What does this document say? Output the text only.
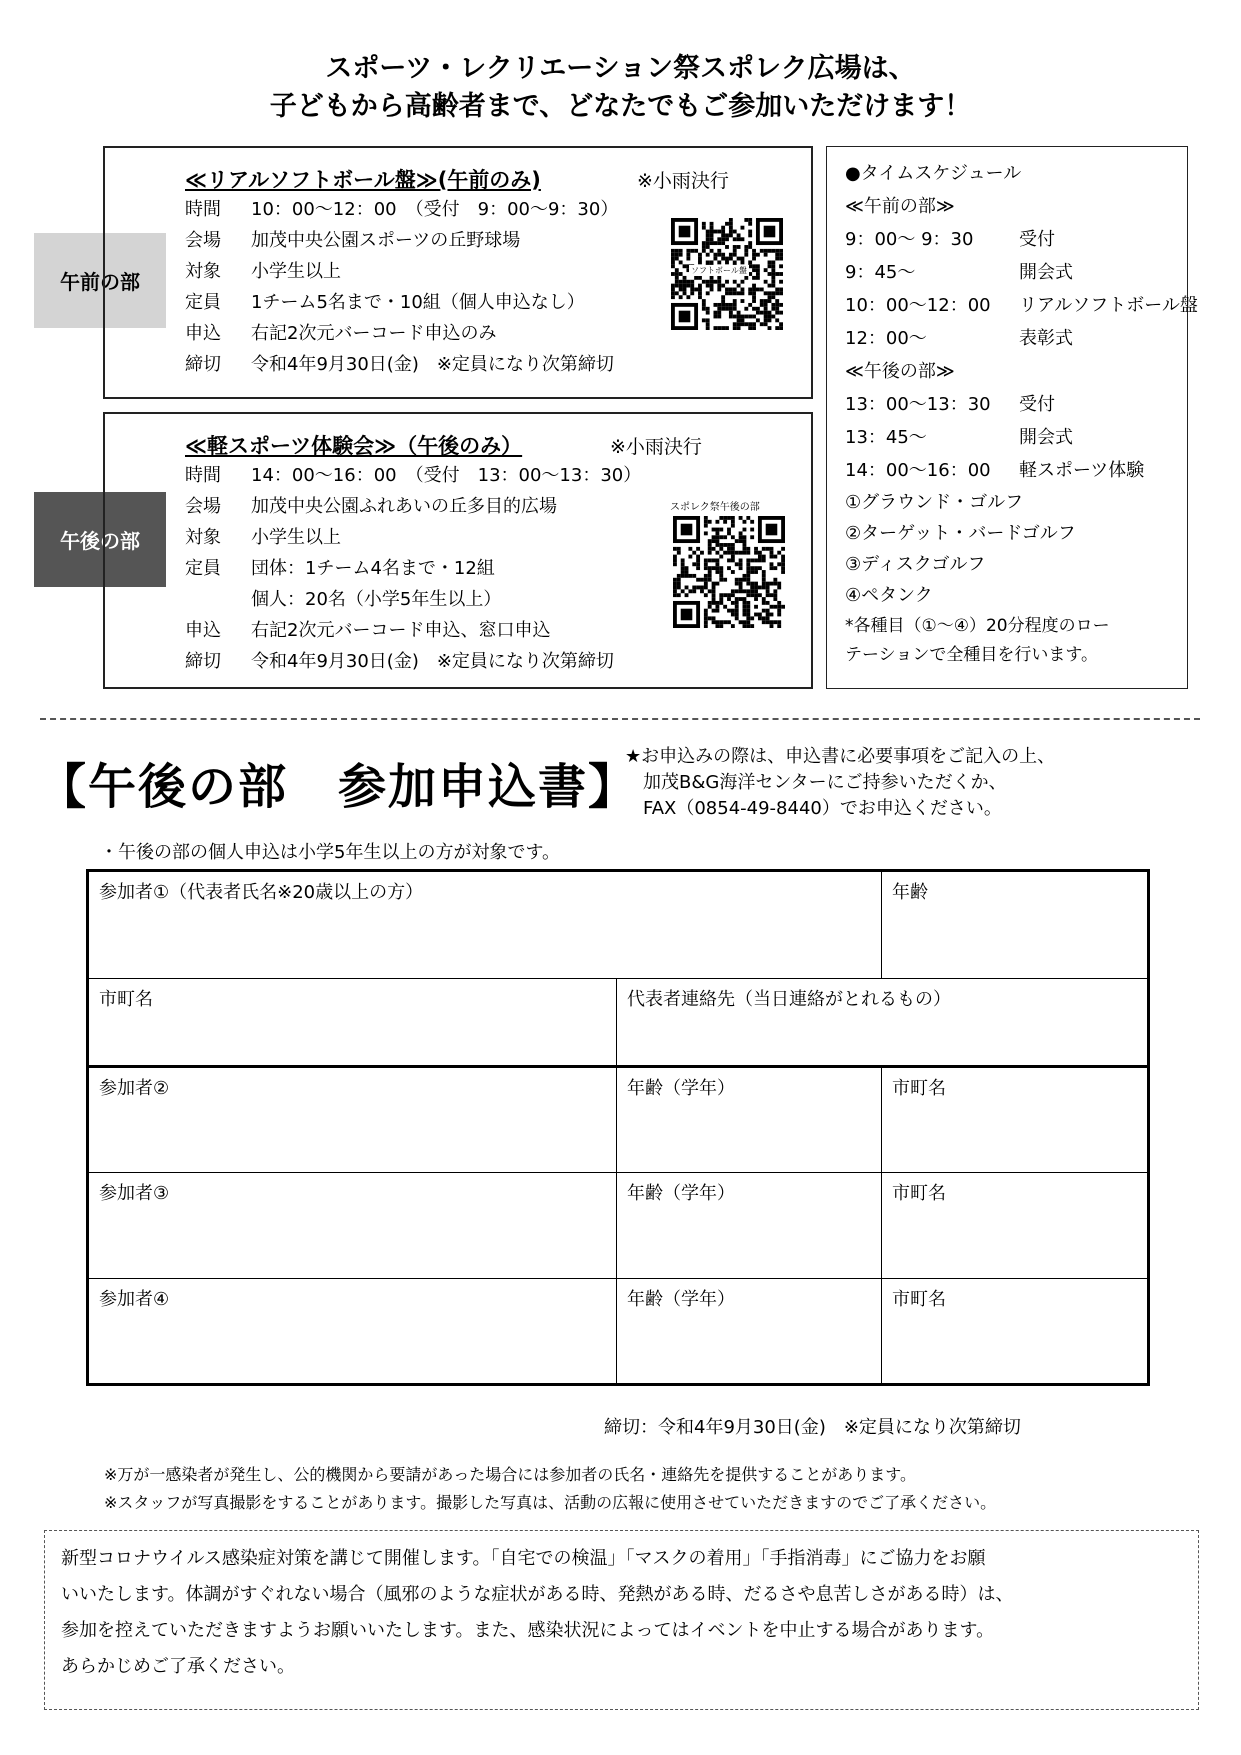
スポーツ・レクリエーション祭スポレク広場は、
子どもから高齢者まで、どなたでもご参加いただけます！
午前の部
≪リアルソフトボール盤≫(午前のみ)	※小雨決行
時間	10：00〜12：00　（受付　9：00〜9：30）
会場	加茂中央公園スポーツの丘野球場
対象	小学生以上
定員	1チーム5名まで・10組（個人申込なし）
申込	右記2次元バーコード申込のみ
締切	令和4年9月30日(金)　※定員になり次第締切
ソフトボール盤
午後の部
≪軽スポーツ体験会≫（午後のみ）	※小雨決行
時間	14：00〜16：00　（受付　13：00〜13：30）
会場	加茂中央公園ふれあいの丘多目的広場
対象	小学生以上
定員	団体：1チーム4名まで・12組
個人：20名（小学5年生以上）
申込	右記2次元バーコード申込、窓口申込
締切	令和4年9月30日(金)　※定員になり次第締切
スポレク祭午後の部
●タイムスケジュール
≪午前の部≫
9：00〜 9：30	受付
9：45〜	開会式
10：00〜12：00	リアルソフトボール盤
12：00〜	表彰式
≪午後の部≫
13：00〜13：30	受付
13：45〜	開会式
14：00〜16：00	軽スポーツ体験
①グラウンド・ゴルフ
②ターゲット・バードゴルフ
③ディスクゴルフ
④ペタンク
*各種目（①〜④）20分程度のロー
テーションで全種目を行います。
【午後の部　参加申込書】
★お申込みの際は、申込書に必要事項をご記入の上、
加茂B&G海洋センターにご持参いただくか、
FAX（0854-49-8440）でお申込ください。
・午後の部の個人申込は小学5年生以上の方が対象です。
参加者①（代表者氏名※20歳以上の方）		年齢
市町名	代表者連絡先（当日連絡がとれるもの）	
参加者②	年齢（学年）	市町名
参加者③	年齢（学年）	市町名
参加者④	年齢（学年）	市町名
締切：令和4年9月30日(金)　※定員になり次第締切
※万が一感染者が発生し、公的機関から要請があった場合には参加者の氏名・連絡先を提供することがあります。
※スタッフが写真撮影をすることがあります。撮影した写真は、活動の広報に使用させていただきますのでご了承ください。
新型コロナウイルス感染症対策を講じて開催します。「自宅での検温」「マスクの着用」「手指消毒」にご協力をお願
いいたします。体調がすぐれない場合（風邪のような症状がある時、発熱がある時、だるさや息苦しさがある時）は、
参加を控えていただきますようお願いいたします。また、感染状況によってはイベントを中止する場合があります。
あらかじめご了承ください。
